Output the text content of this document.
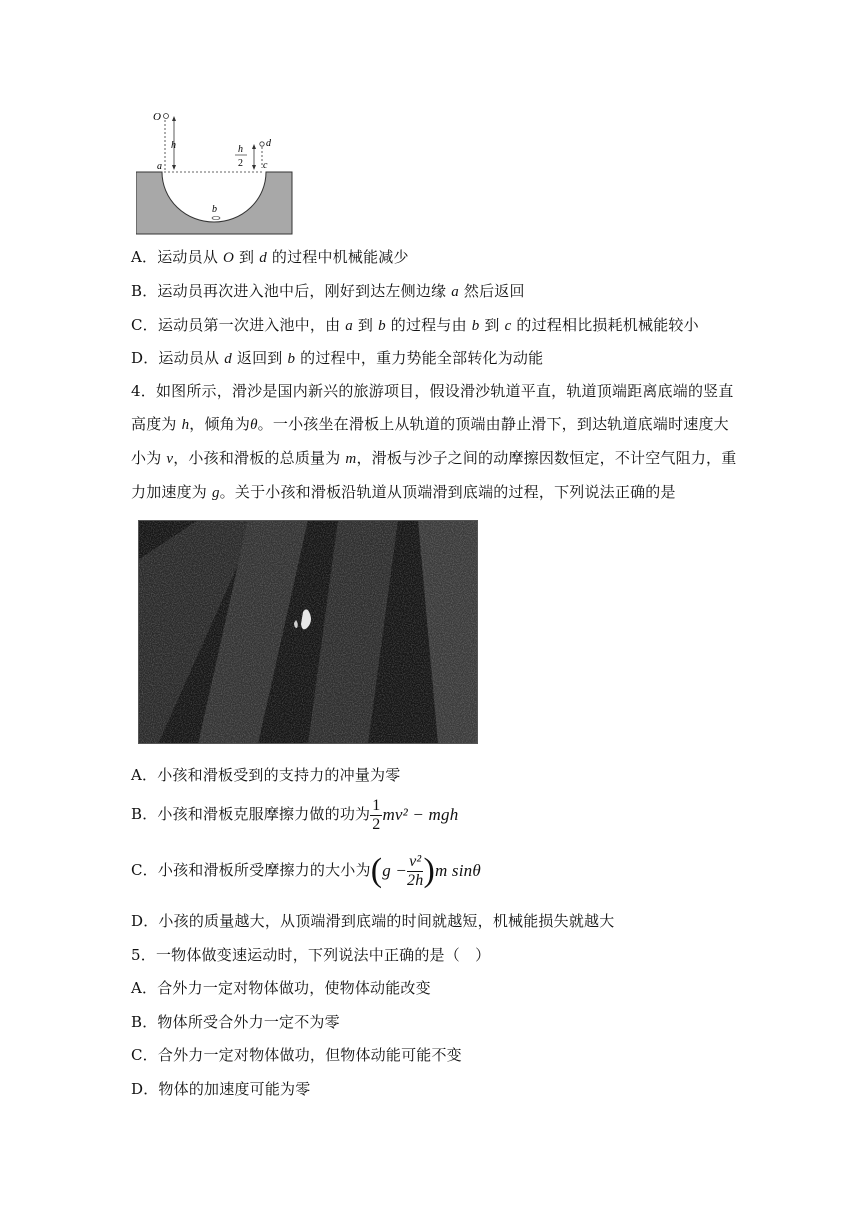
O
h	h
2
d
c
a
b
A．运动员从 O 到 d 的过程中机械能减少
B．运动员再次进入池中后，刚好到达左侧边缘 a 然后返回
C．运动员第一次进入池中，由 a 到 b 的过程与由 b 到 c 的过程相比损耗机械能较小
D．运动员从 d 返回到 b 的过程中，重力势能全部转化为动能
4．如图所示，滑沙是国内新兴的旅游项目，假设滑沙轨道平直，轨道顶端距离底端的竖直
高度为 h，倾角为θ。一小孩坐在滑板上从轨道的顶端由静止滑下，到达轨道底端时速度大
小为 v，小孩和滑板的总质量为 m，滑板与沙子之间的动摩擦因数恒定，不计空气阻力，重
力加速度为 g。关于小孩和滑板沿轨道从顶端滑到底端的过程，下列说法正确的是
A．小孩和滑板受到的支持力的冲量为零
B．小孩和滑板克服摩擦力做的功为 $\frac{1}{2} mv^2$ − mgh
C．小孩和滑板所受摩擦力的大小为$(g - \frac{\text{v²}}{2h} )m$ sinθ
D．小孩的质量越大，从顶端滑到底端的时间就越短，机械能损失就越大
5．一物体做变速运动时，下列说法中正确的是（　）
A．合外力一定对物体做功，使物体动能改变
B．物体所受合外力一定不为零
C．合外力一定对物体做功，但物体动能可能不变
D．物体的加速度可能为零
